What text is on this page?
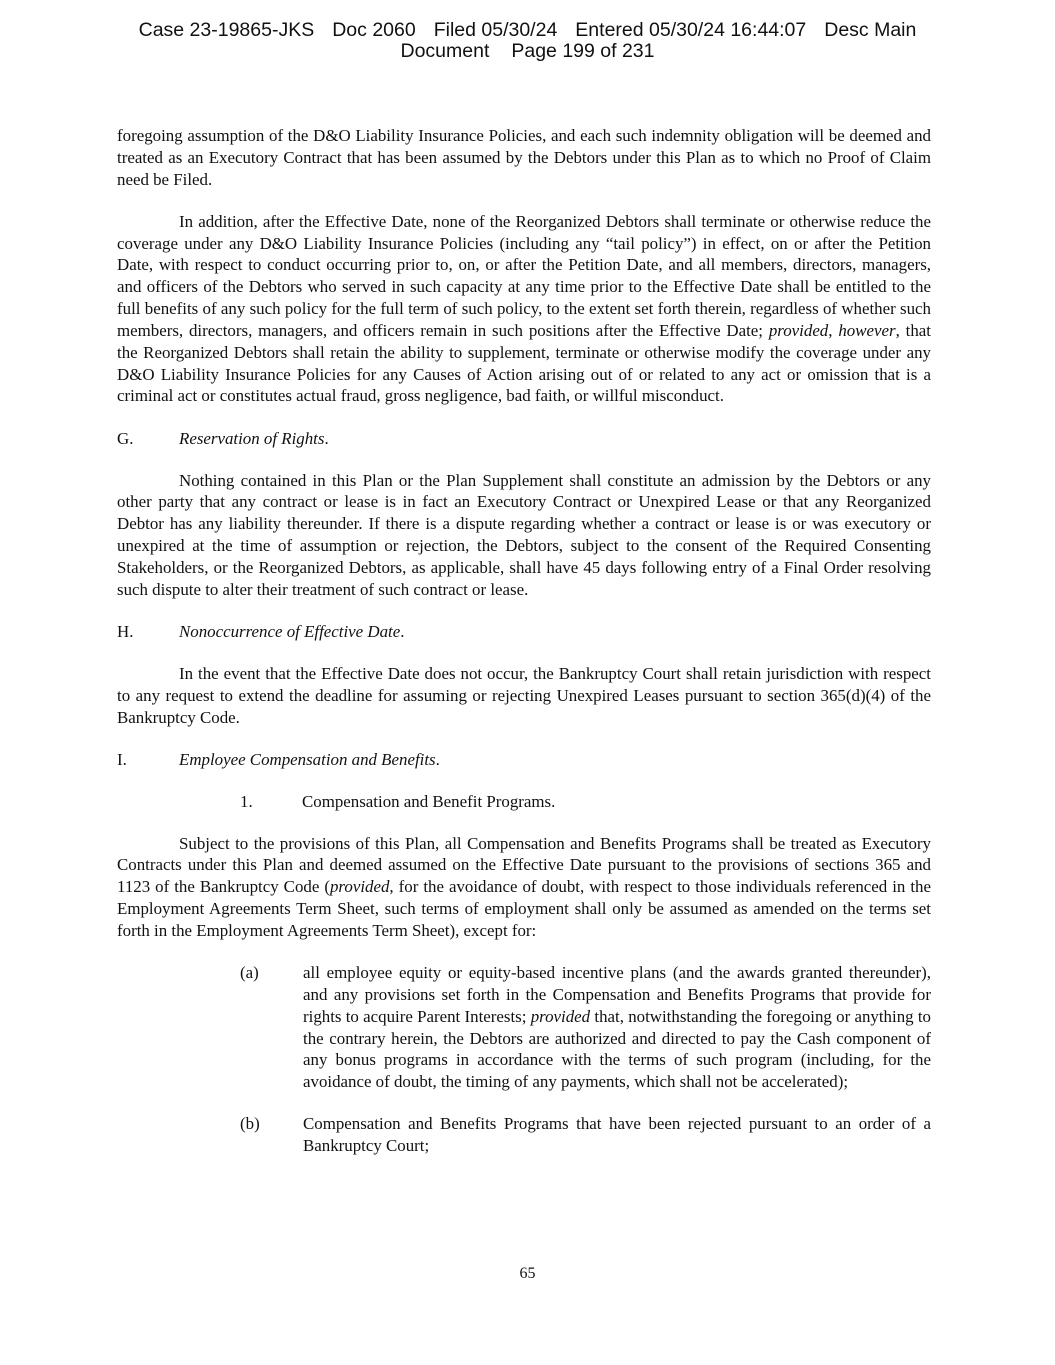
Case 23-19865-JKS Doc 2060 Filed 05/30/24 Entered 05/30/24 16:44:07 Desc Main
Document Page 199 of 231

foregoing assumption of the D&O Liability Insurance Policies, and each such indemnity obligation will be deemed and treated as an Executory Contract that has been assumed by the Debtors under this Plan as to which no Proof of Claim need be Filed.

In addition, after the Effective Date, none of the Reorganized Debtors shall terminate or otherwise reduce the coverage under any D&O Liability Insurance Policies (including any “tail policy”) in effect, on or after the Petition Date, with respect to conduct occurring prior to, on, or after the Petition Date, and all members, directors, managers, and officers of the Debtors who served in such capacity at any time prior to the Effective Date shall be entitled to the full benefits of any such policy for the full term of such policy, to the extent set forth therein, regardless of whether such members, directors, managers, and officers remain in such positions after the Effective Date; provided, however, that the Reorganized Debtors shall retain the ability to supplement, terminate or otherwise modify the coverage under any D&O Liability Insurance Policies for any Causes of Action arising out of or related to any act or omission that is a criminal act or constitutes actual fraud, gross negligence, bad faith, or willful misconduct.

G.	Reservation of Rights.

Nothing contained in this Plan or the Plan Supplement shall constitute an admission by the Debtors or any other party that any contract or lease is in fact an Executory Contract or Unexpired Lease or that any Reorganized Debtor has any liability thereunder. If there is a dispute regarding whether a contract or lease is or was executory or unexpired at the time of assumption or rejection, the Debtors, subject to the consent of the Required Consenting Stakeholders, or the Reorganized Debtors, as applicable, shall have 45 days following entry of a Final Order resolving such dispute to alter their treatment of such contract or lease.

H.	Nonoccurrence of Effective Date.

In the event that the Effective Date does not occur, the Bankruptcy Court shall retain jurisdiction with respect to any request to extend the deadline for assuming or rejecting Unexpired Leases pursuant to section 365(d)(4) of the Bankruptcy Code.

I.	Employee Compensation and Benefits.
1.	Compensation and Benefit Programs.

Subject to the provisions of this Plan, all Compensation and Benefits Programs shall be treated as Executory Contracts under this Plan and deemed assumed on the Effective Date pursuant to the provisions of sections 365 and 1123 of the Bankruptcy Code (provided, for the avoidance of doubt, with respect to those individuals referenced in the Employment Agreements Term Sheet, such terms of employment shall only be assumed as amended on the terms set forth in the Employment Agreements Term Sheet), except for:

(a)	all employee equity or equity-based incentive plans (and the awards granted thereunder), and any provisions set forth in the Compensation and Benefits Programs that provide for rights to acquire Parent Interests; provided that, notwithstanding the foregoing or anything to the contrary herein, the Debtors are authorized and directed to pay the Cash component of any bonus programs in accordance with the terms of such program (including, for the avoidance of doubt, the timing of any payments, which shall not be accelerated);
(b)	Compensation and Benefits Programs that have been rejected pursuant to an order of a Bankruptcy Court;
65
